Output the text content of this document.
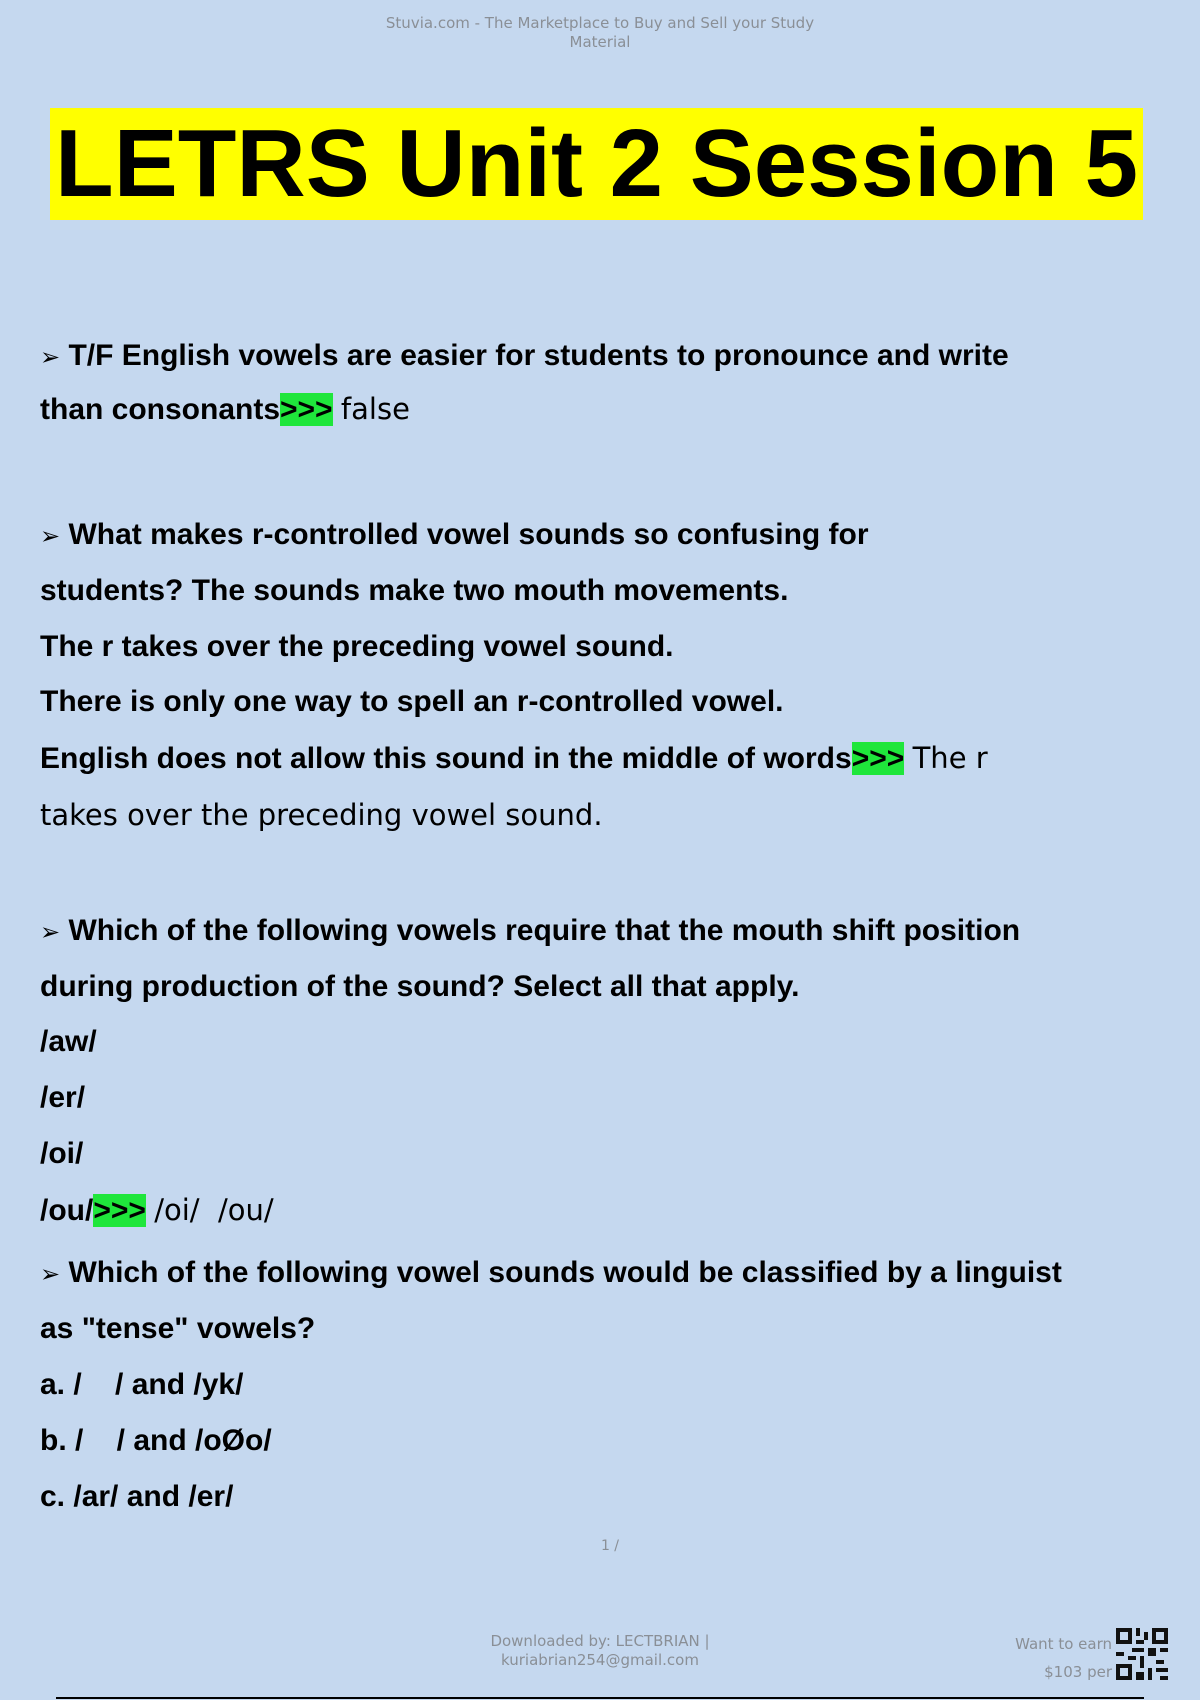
Stuvia.com - The Marketplace to Buy and Sell your Study
Material
LETRS Unit 2 Session 5

➢ T/F English vowels are easier for students to pronounce and write

than consonants>>> false

➢ What makes r-controlled vowel sounds so confusing for

students? The sounds make two mouth movements.

The r takes over the preceding vowel sound.

There is only one way to spell an r-controlled vowel.

English does not allow this sound in the middle of words>>> The r

takes over the preceding vowel sound.

➢ Which of the following vowels require that the mouth shift position

during production of the sound? Select all that apply.

/aw/

/er/

/oi/

/ou/>>> /oi/  /ou/

➢ Which of the following vowel sounds would be classified by a linguist

as "tense" vowels?

a. /    / and /yk/

b. /    / and /oØo/

c. /ar/ and /er/

1 /
Downloaded by: LECTBRIAN |
kuriabrian254@gmail.com
Want to earn
$103 per
